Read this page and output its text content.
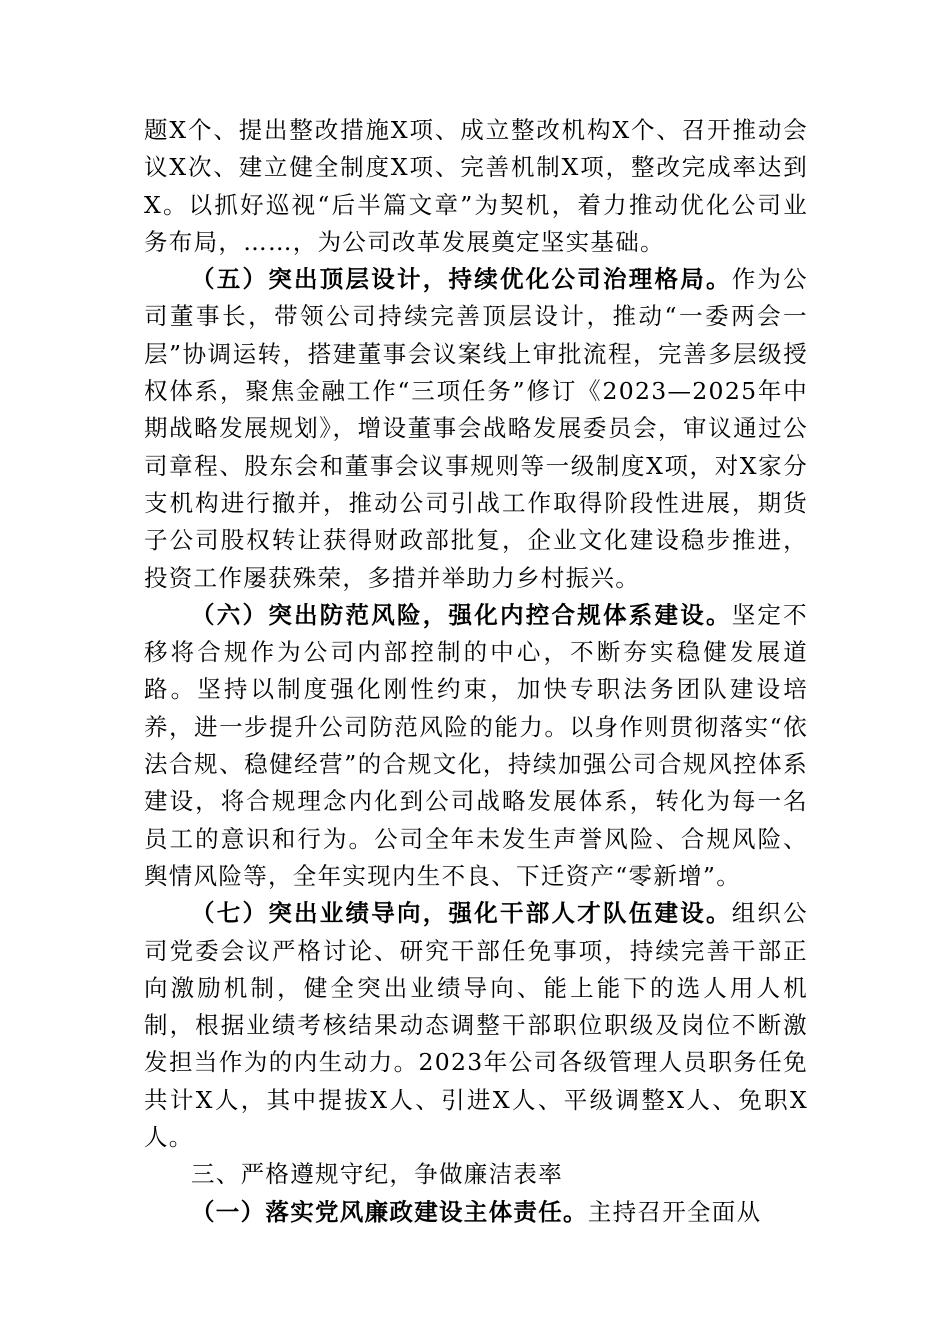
题X个、提出整改措施X项、成立整改机构X个、召开推动会议X次、建立健全制度X项、完善机制X项，整改完成率达到X。以抓好巡视“后半篇文章”为契机，着力推动优化公司业务布局，……，为公司改革发展奠定坚实基础。

（五）突出顶层设计，持续优化公司治理格局。作为公司董事长，带领公司持续完善顶层设计，推动“一委两会一层”协调运转，搭建董事会议案线上审批流程，完善多层级授权体系，聚焦金融工作“三项任务”修订《2023—2025年中期战略发展规划》，增设董事会战略发展委员会，审议通过公司章程、股东会和董事会议事规则等一级制度X项，对X家分支机构进行撤并，推动公司引战工作取得阶段性进展，期货子公司股权转让获得财政部批复，企业文化建设稳步推进，投资工作屡获殊荣，多措并举助力乡村振兴。

（六）突出防范风险，强化内控合规体系建设。坚定不移将合规作为公司内部控制的中心，不断夯实稳健发展道路。坚持以制度强化刚性约束，加快专职法务团队建设培养，进一步提升公司防范风险的能力。以身作则贯彻落实“依法合规、稳健经营”的合规文化，持续加强公司合规风控体系建设，将合规理念内化到公司战略发展体系，转化为每一名员工的意识和行为。公司全年未发生声誉风险、合规风险、舆情风险等，全年实现内生不良、下迁资产“零新增”。

（七）突出业绩导向，强化干部人才队伍建设。组织公司党委会议严格讨论、研究干部任免事项，持续完善干部正向激励机制，健全突出业绩导向、能上能下的选人用人机制，根据业绩考核结果动态调整干部职位职级及岗位不断激发担当作为的内生动力。2023年公司各级管理人员职务任免共计X人，其中提拔X人、引进X人、平级调整X人、免职X人。

三、严格遵规守纪，争做廉洁表率

（一）落实党风廉政建设主体责任。主持召开全面从
